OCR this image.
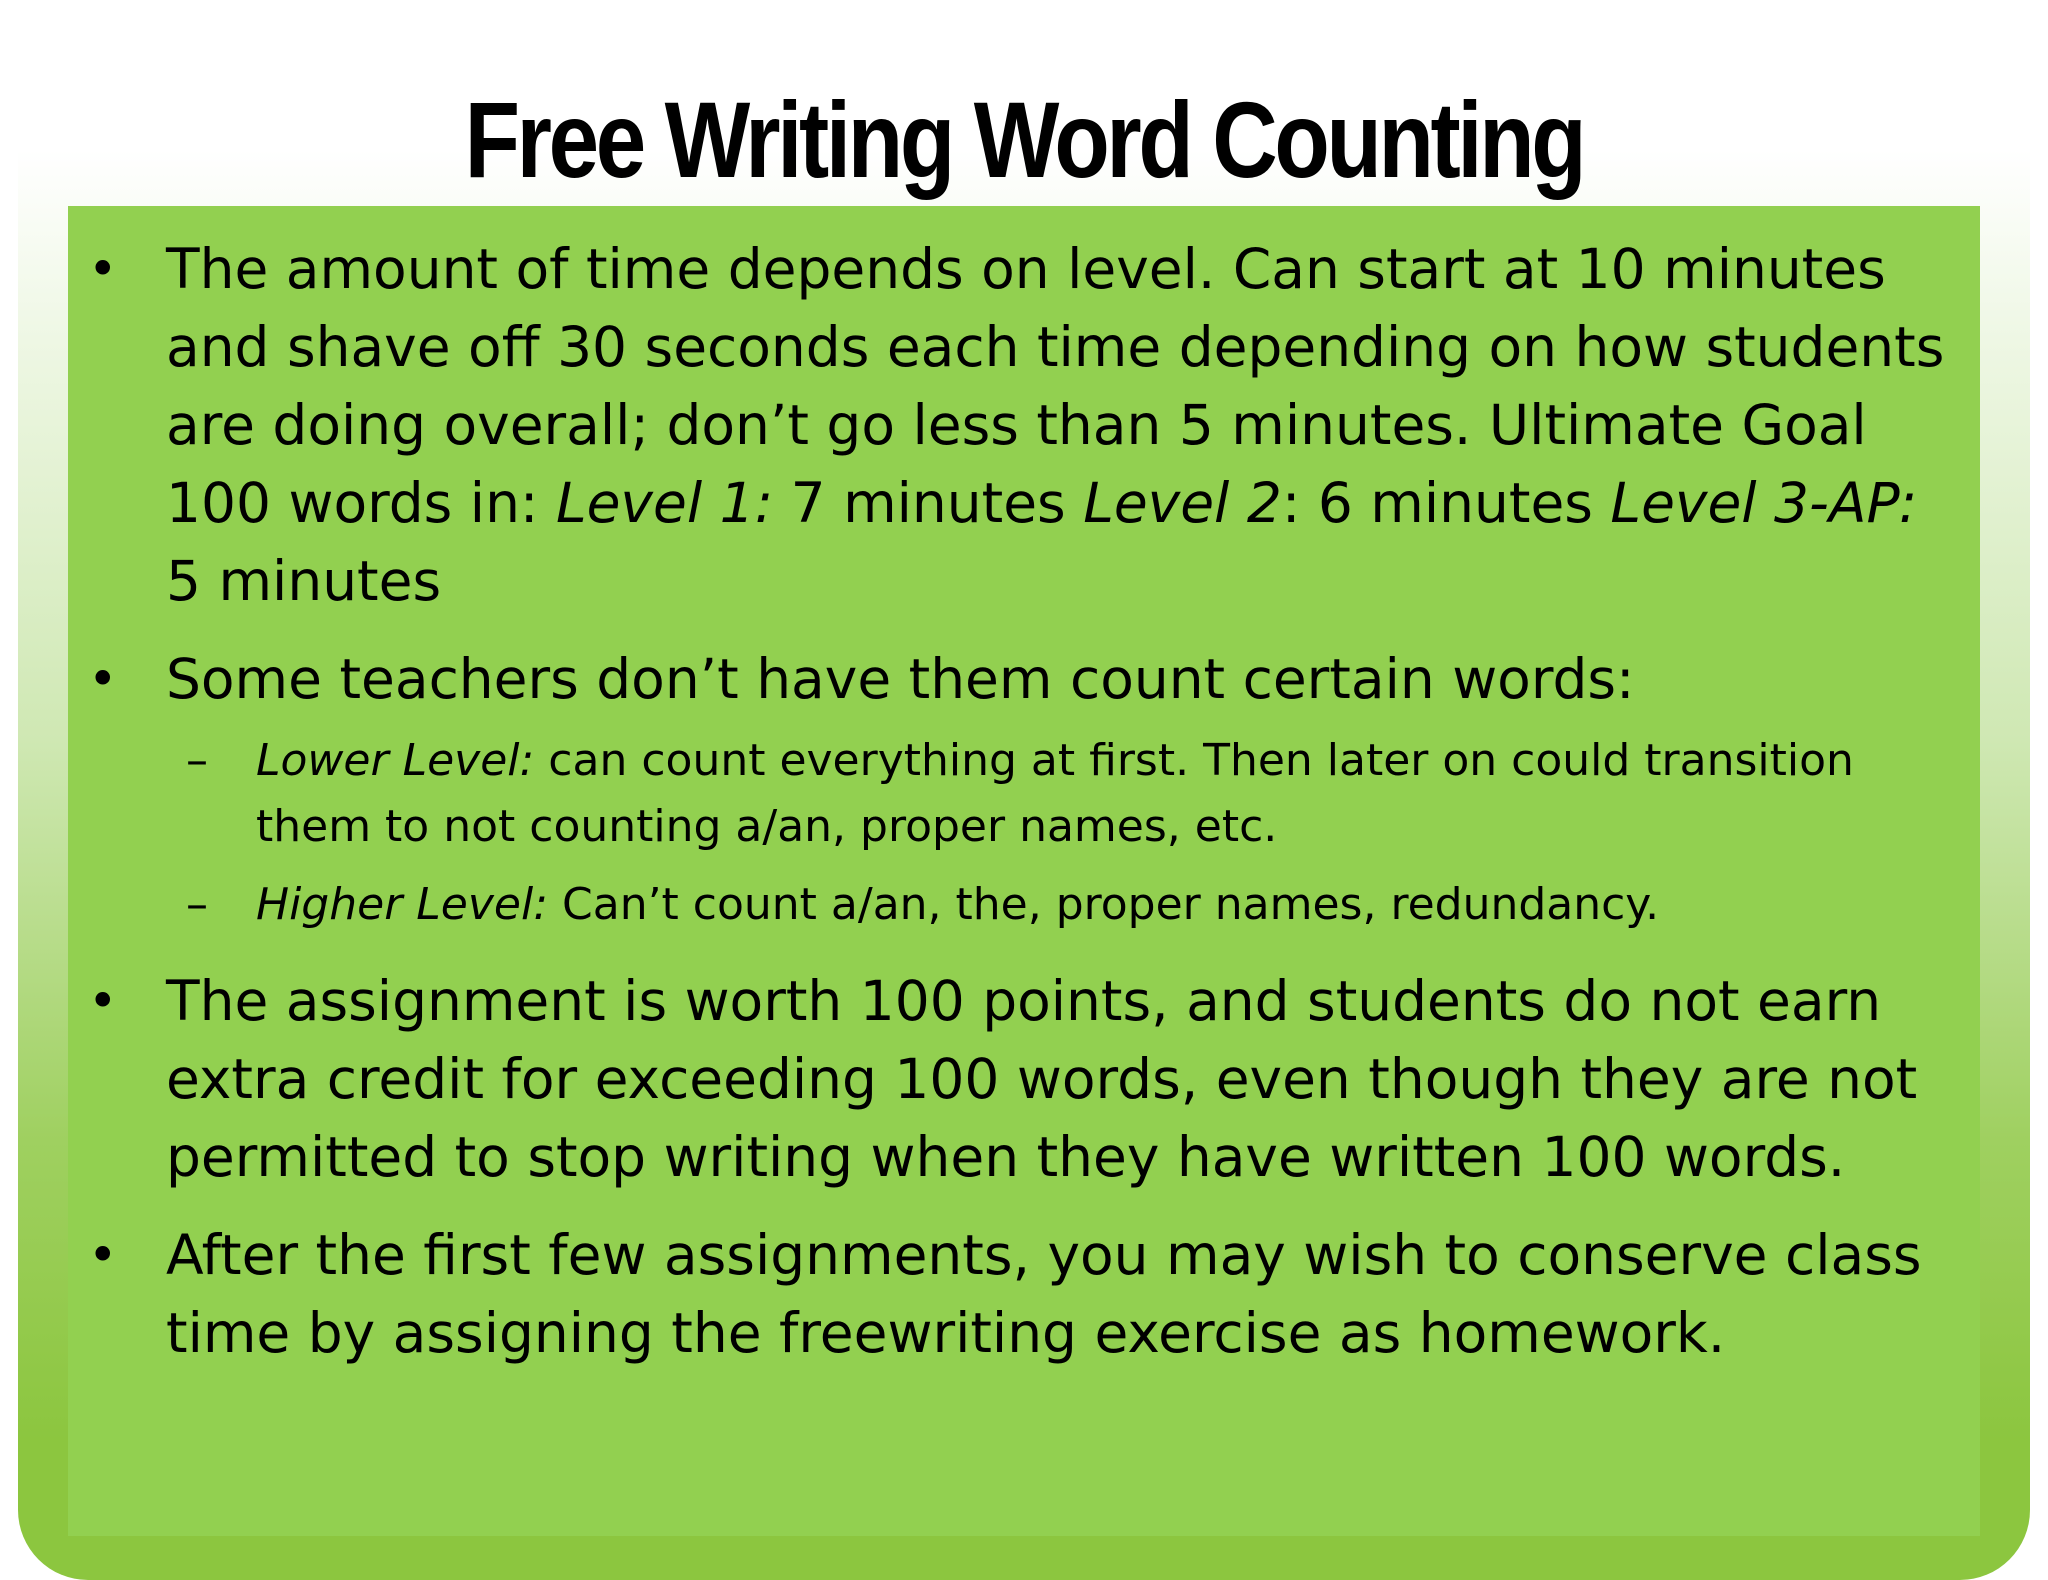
Free Writing Word Counting
• The amount of time depends on level. Can start at 10 minutes and shave off 30 seconds each time depending on how students are doing overall; don’t go less than 5 minutes. Ultimate Goal 100 words in: Level 1: 7 minutes Level 2: 6 minutes Level 3-AP: 5 minutes
• Some teachers don’t have them count certain words:
– Lower Level: can count everything at first. Then later on could transition them to not counting a/an, proper names, etc.
– Higher Level: Can’t count a/an, the, proper names, redundancy.
• The assignment is worth 100 points, and students do not earn extra credit for exceeding 100 words, even though they are not permitted to stop writing when they have written 100 words.
• After the first few assignments, you may wish to conserve class time by assigning the freewriting exercise as homework.
